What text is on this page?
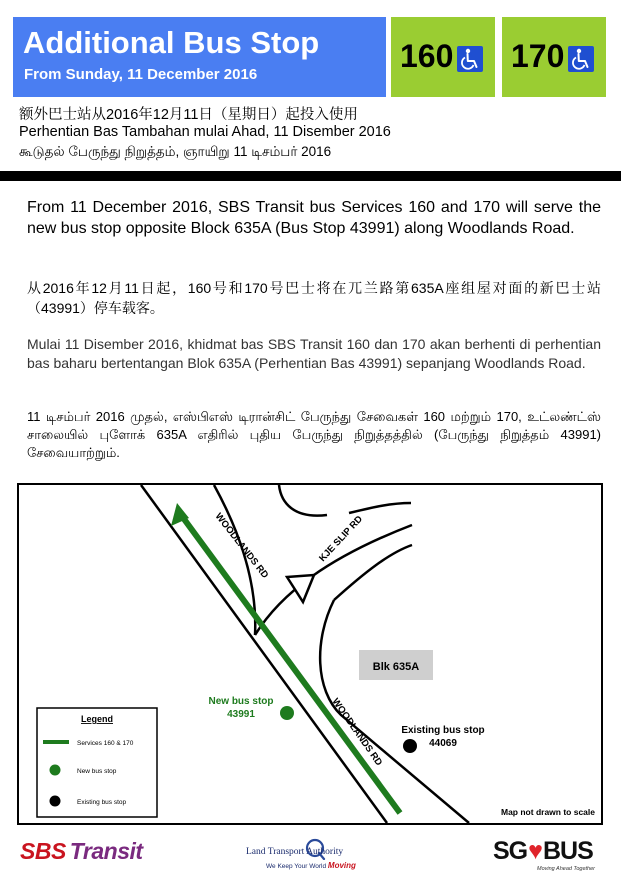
Additional Bus Stop
From Sunday, 11 December 2016
160 170
额外巴士站从2016年12月11日（星期日）起投入使用
Perhentian Bas Tambahan mulai Ahad, 11 Disember 2016
கூடுதல் பேருந்து நிறுத்தம், ஞாயிறு 11 டிசம்பர் 2016
From 11 December 2016, SBS Transit bus Services 160 and 170 will serve the new bus stop opposite Block 635A (Bus Stop 43991) along Woodlands Road.
从2016年12月11日起，160号和170号巴士将在兀兰路第635A座组屋对面的新巴士站（43991）停车载客。
Mulai 11 Disember 2016, khidmat bas SBS Transit 160 dan 170 akan berhenti di perhentian bas baharu bertentangan Blok 635A (Perhentian Bas 43991) sepanjang Woodlands Road.
11 டிசம்பர் 2016 முதல், எஸ்பிஎஸ் டிரான்சிட் பேருந்து சேவைகள் 160 மற்றும் 170, உட்லண்ட்ஸ் சாலையில் புளோக் 635A எதிரில் புதிய பேருந்து நிறுத்தத்தில் (பேருந்து நிறுத்தம் 43991) சேவையாற்றும்.
Blk 635A
WOODLANDS RD	KJE SLIP RD
WOODLANDS RD
New bus stop
43991
Existing bus stop
44069
Map not drawn to scale
Legend
Services 160 & 170
New bus stop
Existing bus stop
SBS Transit	Land Transport Authority
We Keep Your World Moving
SG♥BUS
Moving Ahead Together
